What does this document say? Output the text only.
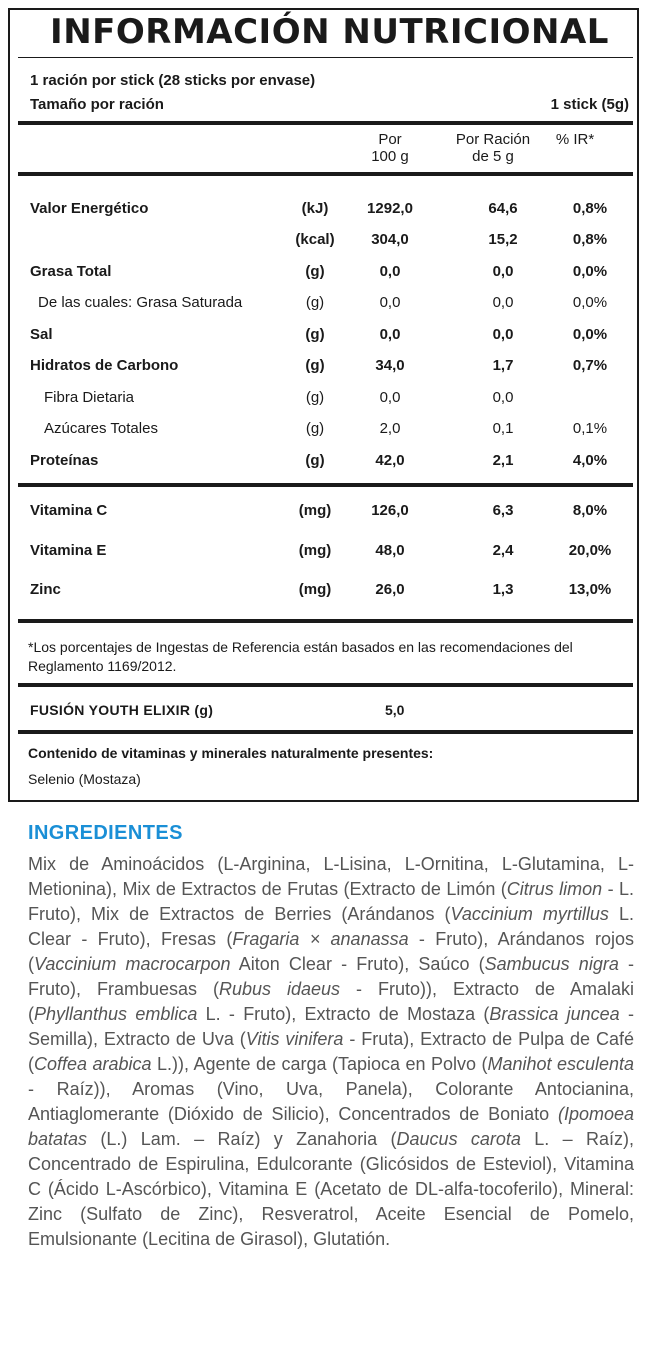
INFORMACIÓN NUTRICIONAL
1 ración por stick (28 sticks por envase)
Tamaño por ración	1 stick (5g)
Por
100 g
Por Ración
de 5 g
% IR*
Valor Energético	(kJ)	1292,0	64,6	0,8%
(kcal)	304,0	15,2	0,8%
Grasa Total	(g)	0,0	0,0	0,0%
De las cuales: Grasa Saturada	(g)	0,0	0,0	0,0%
Sal	(g)	0,0	0,0	0,0%
Hidratos de Carbono	(g)	34,0	1,7	0,7%
Fibra Dietaria	(g)	0,0	0,0
Azúcares Totales	(g)	2,0	0,1	0,1%
Proteínas	(g)	42,0	2,1	4,0%
Vitamina C	(mg)	126,0	6,3	8,0%
Vitamina E	(mg)	48,0	2,4	20,0%
Zinc	(mg)	26,0	1,3	13,0%
*Los porcentajes de Ingestas de Referencia están basados en las recomendaciones del Reglamento 1169/2012.
FUSIÓN YOUTH ELIXIR (g)	5,0
Contenido de vitaminas y minerales naturalmente presentes:
Selenio (Mostaza)
INGREDIENTES
Mix de Aminoácidos (L-Arginina, L-Lisina, L-Ornitina, L-Glutamina, L-Metionina), Mix de Extractos de Frutas (Extracto de Limón (Citrus limon - L. Fruto), Mix de Extractos de Berries (Arándanos (Vaccinium myrtillus L. Clear - Fruto), Fresas (Fragaria × ananassa - Fruto), Arándanos rojos (Vaccinium macrocarpon Aiton Clear - Fruto), Saúco (Sambucus nigra - Fruto), Frambuesas (Rubus idaeus - Fruto)), Extracto de Amalaki (Phyllanthus emblica L. - Fruto), Extracto de Mostaza (Brassica juncea - Semilla), Extracto de Uva (Vitis vinifera - Fruta), Extracto de Pulpa de Café (Coffea arabica L.)), Agente de carga (Tapioca en Polvo (Manihot esculenta - Raíz)), Aromas (Vino, Uva, Panela), Colorante Antocianina, Antiaglomerante (Dióxido de Silicio), Concentrados de Boniato (Ipomoea batatas (L.) Lam. – Raíz) y Zanahoria (Daucus carota L. – Raíz), Concentrado de Espirulina, Edulcorante (Glicósidos de Esteviol), Vitamina C (Ácido L-Ascórbico), Vitamina E (Acetato de DL-alfa-tocoferilo), Mineral: Zinc (Sulfato de Zinc), Resveratrol, Aceite Esencial de Pomelo, Emulsionante (Lecitina de Girasol), Glutatión.
